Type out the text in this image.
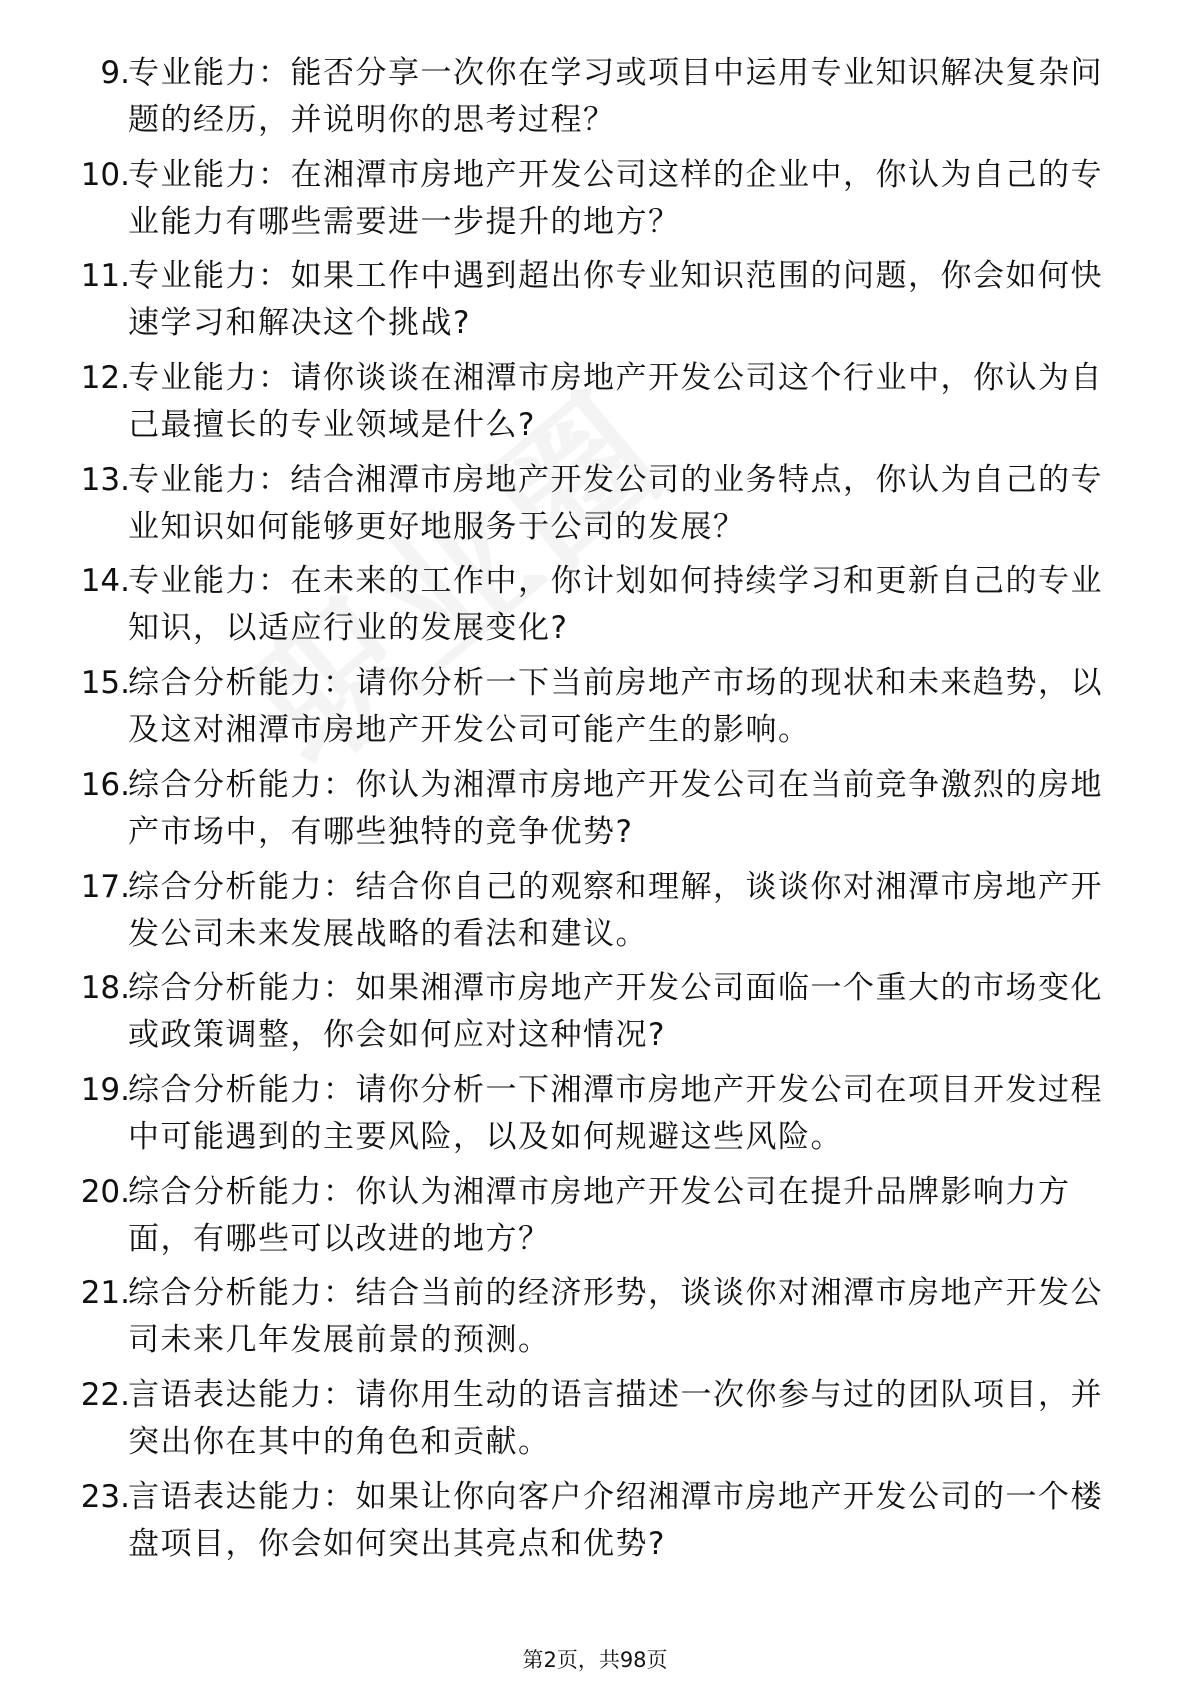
9.
专业能力：能否分享一次你在学习或项目中运用专业知识解决复杂问题的经历，并说明你的思考过程？
10.
专业能力：在湘潭市房地产开发公司这样的企业中，你认为自己的专业能力有哪些需要进一步提升的地方？
11.
专业能力：如果工作中遇到超出你专业知识范围的问题，你会如何快速学习和解决这个挑战?
12.
专业能力：请你谈谈在湘潭市房地产开发公司这个行业中，你认为自己最擅长的专业领域是什么?
13.
专业能力：结合湘潭市房地产开发公司的业务特点，你认为自己的专业知识如何能够更好地服务于公司的发展？
14.
专业能力：在未来的工作中，你计划如何持续学习和更新自己的专业知识，以适应行业的发展变化?
15.
综合分析能力：请你分析一下当前房地产市场的现状和未来趋势，以及这对湘潭市房地产开发公司可能产生的影响。
16.
综合分析能力：你认为湘潭市房地产开发公司在当前竞争激烈的房地产市场中，有哪些独特的竞争优势?
17.
综合分析能力：结合你自己的观察和理解，谈谈你对湘潭市房地产开发公司未来发展战略的看法和建议。
18.
综合分析能力：如果湘潭市房地产开发公司面临一个重大的市场变化或政策调整，你会如何应对这种情况?
19.
综合分析能力：请你分析一下湘潭市房地产开发公司在项目开发过程中可能遇到的主要风险，以及如何规避这些风险。
20.
综合分析能力：你认为湘潭市房地产开发公司在提升品牌影响力方面，有哪些可以改进的地方？
21.
综合分析能力：结合当前的经济形势，谈谈你对湘潭市房地产开发公司未来几年发展前景的预测。
22.
言语表达能力：请你用生动的语言描述一次你参与过的团队项目，并突出你在其中的角色和贡献。
23.
言语表达能力：如果让你向客户介绍湘潭市房地产开发公司的一个楼盘项目，你会如何突出其亮点和优势?
第2页，共98页
